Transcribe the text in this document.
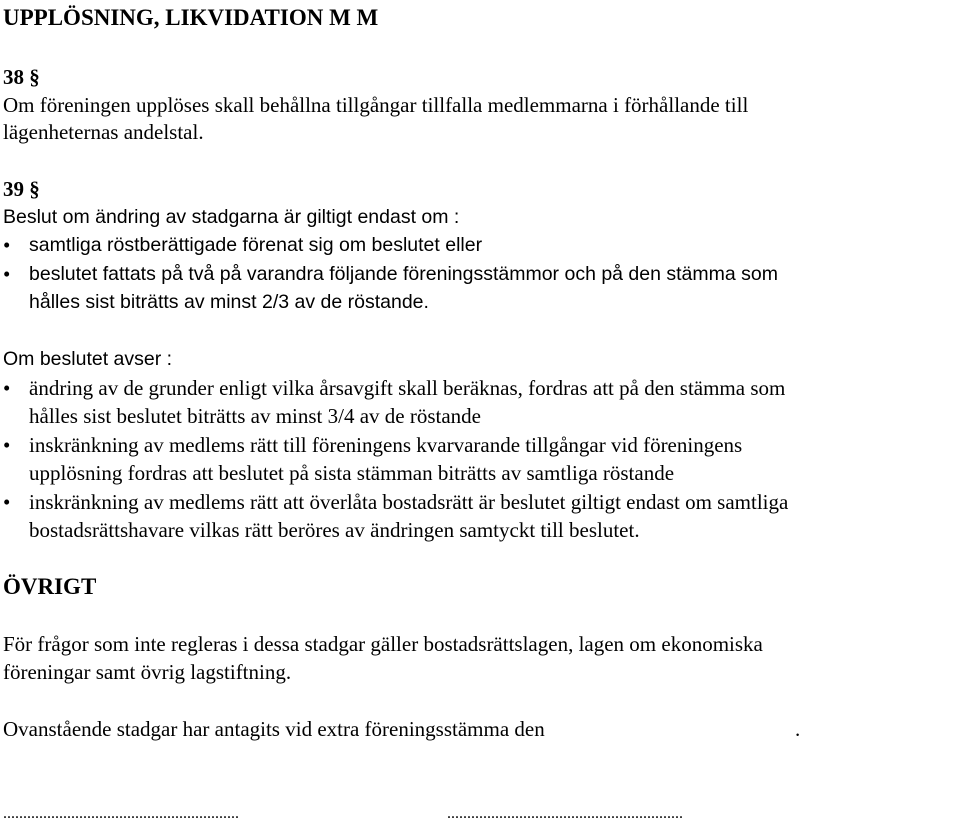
UPPLÖSNING, LIKVIDATION M M
38 §
Om föreningen upplöses skall behållna tillgångar tillfalla medlemmarna i förhållande till
lägenheternas andelstal.
39 §
Beslut om ändring av stadgarna är giltigt endast om :
• samtliga röstberättigade förenat sig om beslutet eller
• beslutet fattats på två på varandra följande föreningsstämmor och på den stämma som
hålles sist biträtts av minst 2/3 av de röstande.
Om beslutet avser :
• ändring av de grunder enligt vilka årsavgift skall beräknas, fordras att på den stämma som
hålles sist beslutet biträtts av minst 3/4 av de röstande
• inskränkning av medlems rätt till föreningens kvarvarande tillgångar vid föreningens
upplösning fordras att beslutet på sista stämman biträtts av samtliga röstande
• inskränkning av medlems rätt att överlåta bostadsrätt är beslutet giltigt endast om samtliga
bostadsrättshavare vilkas rätt beröres av ändringen samtyckt till beslutet.
ÖVRIGT
För frågor som inte regleras i dessa stadgar gäller bostadsrättslagen, lagen om ekonomiska
föreningar samt övrig lagstiftning.
Ovanstående stadgar har antagits vid extra föreningsstämma den	.
...........................................................	...........................................................
